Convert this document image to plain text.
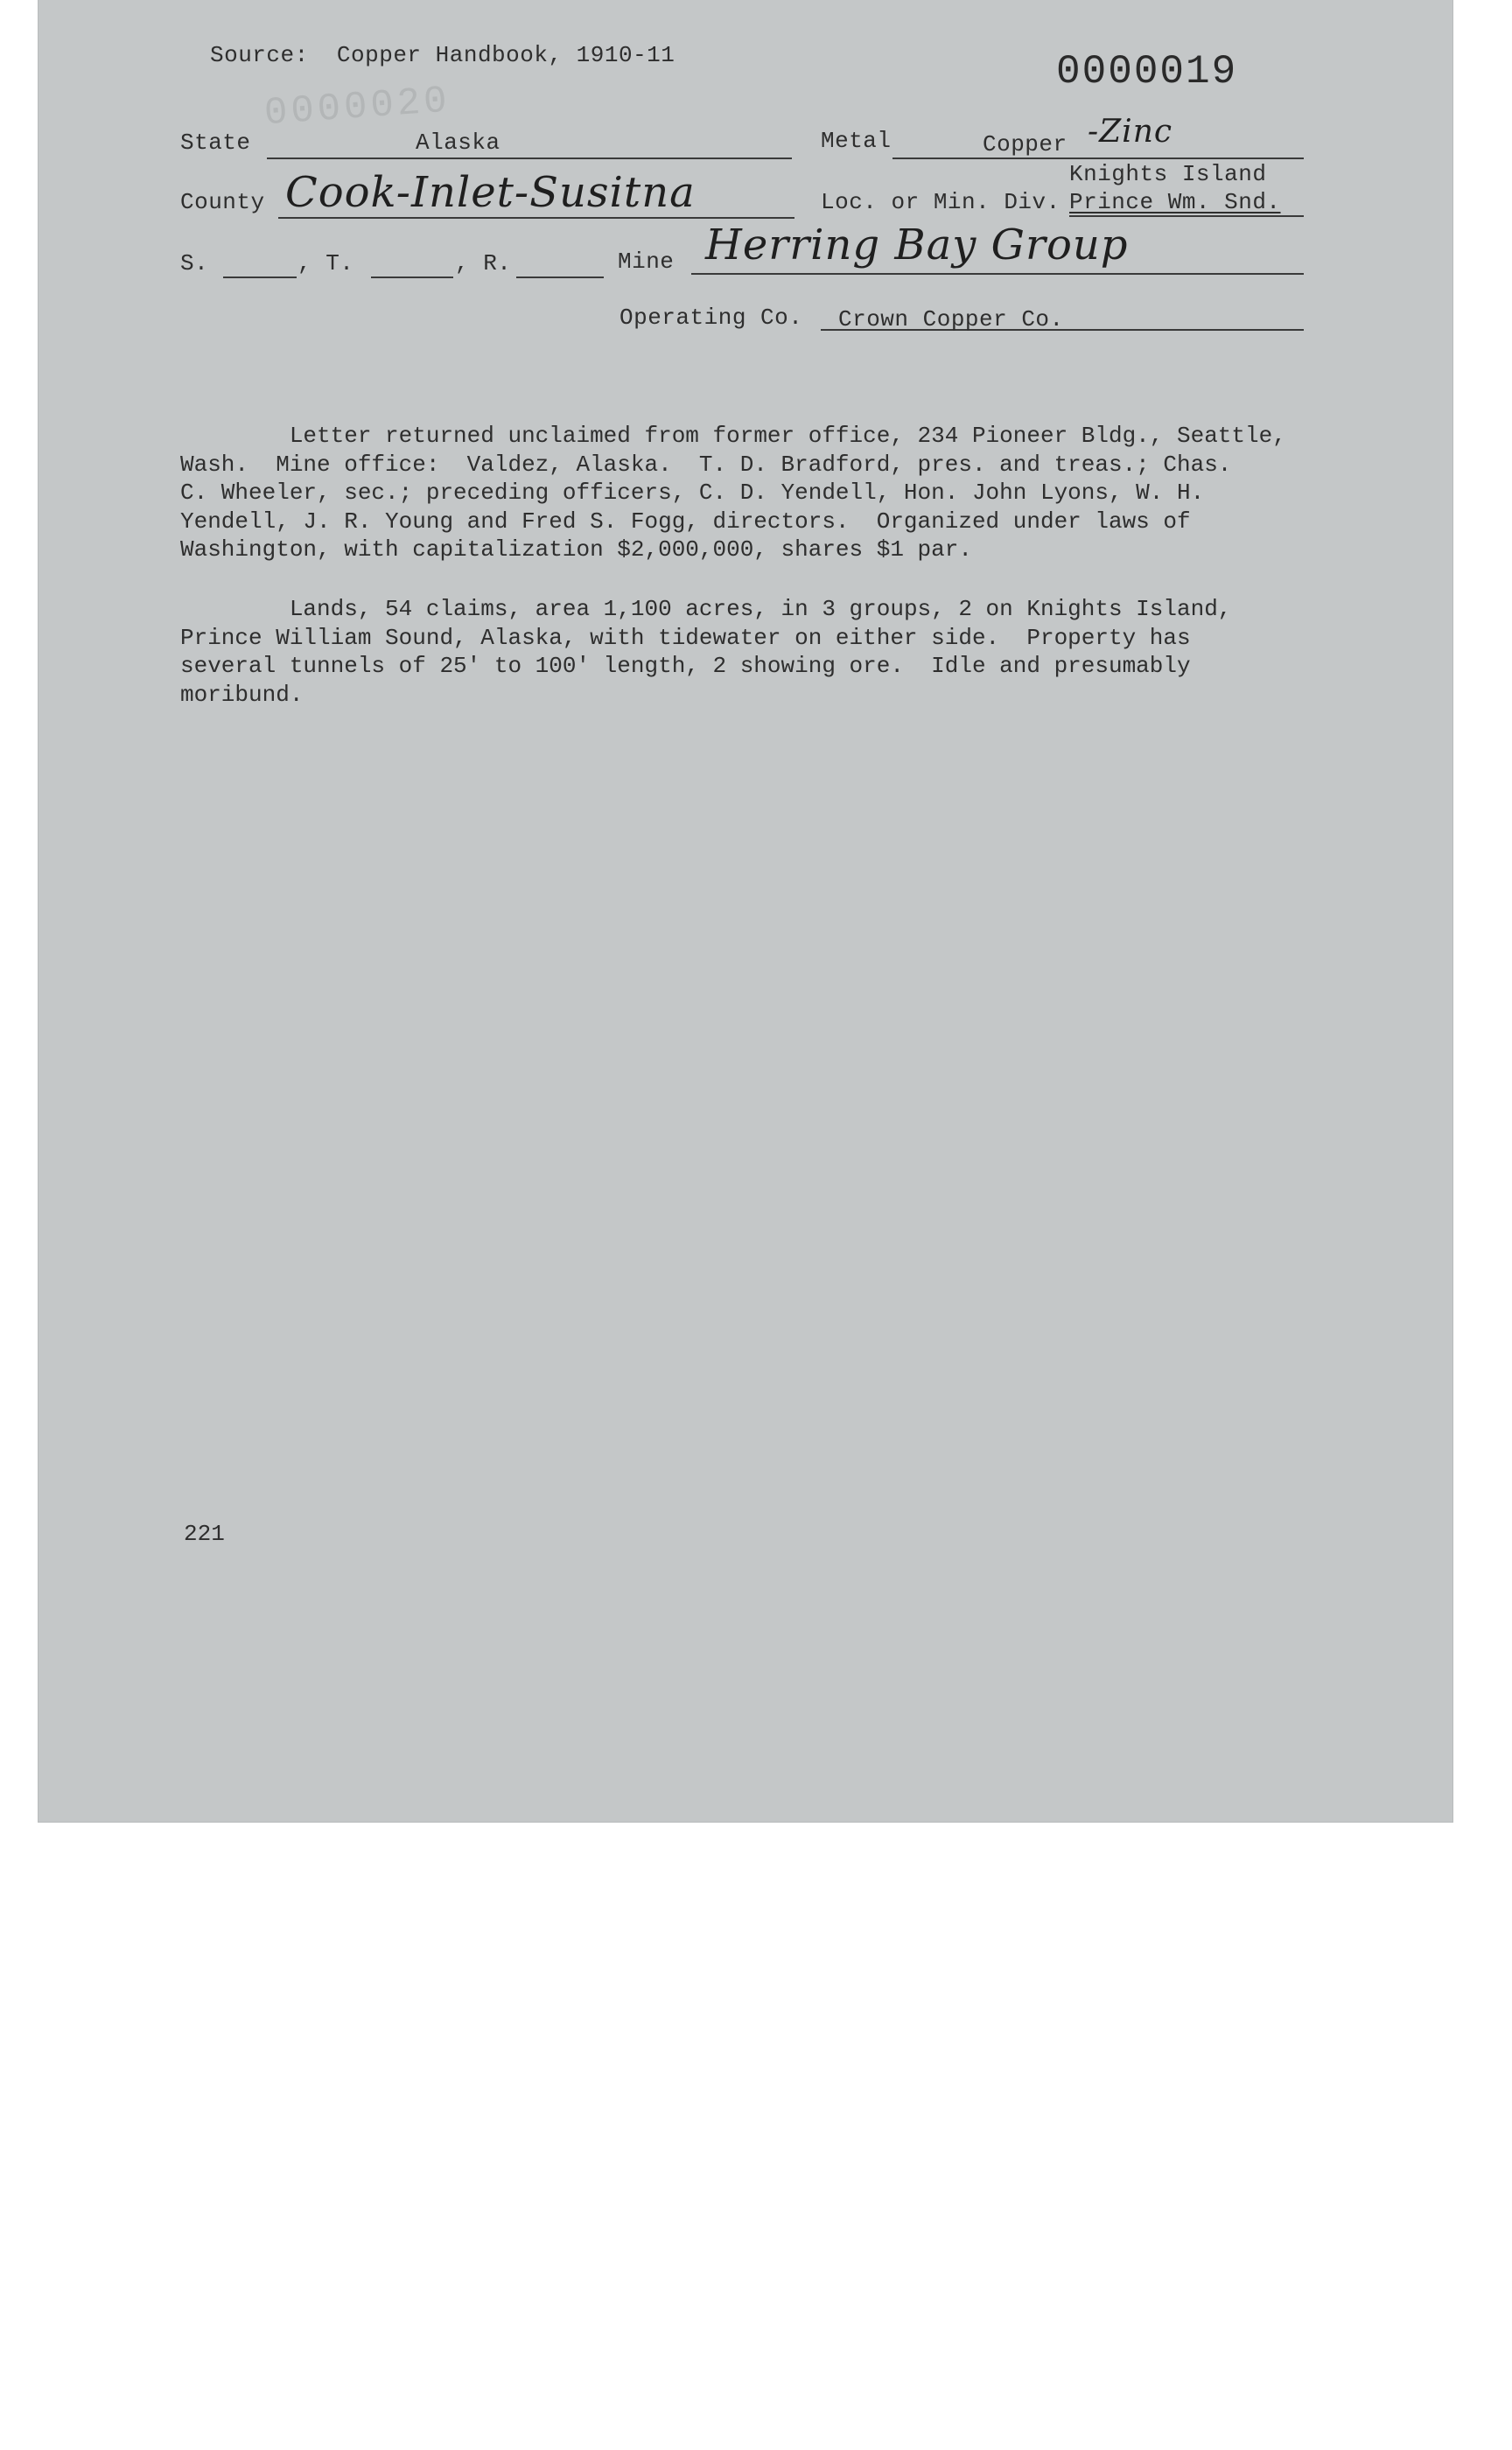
Source:  Copper Handbook, 1910-11	0000019
0000020
State	Alaska	Metal	Copper -Zinc
County Cook-Inlet-Susitna	Loc. or Min. Div.
Knights Island
Prince Wm. Snd.
S.	, T.	, R.	Mine Herring Bay Group
Operating Co. Crown Copper Co.
Letter returned unclaimed from former office, 234 Pioneer Bldg., Seattle,
Wash.  Mine office:  Valdez, Alaska.  T. D. Bradford, pres. and treas.; Chas.
C. Wheeler, sec.; preceding officers, C. D. Yendell, Hon. John Lyons, W. H.
Yendell, J. R. Young and Fred S. Fogg, directors.  Organized under laws of
Washington, with capitalization $2,000,000, shares $1 par.
Lands, 54 claims, area 1,100 acres, in 3 groups, 2 on Knights Island,
Prince William Sound, Alaska, with tidewater on either side.  Property has
several tunnels of 25' to 100' length, 2 showing ore.  Idle and presumably
moribund.
221
